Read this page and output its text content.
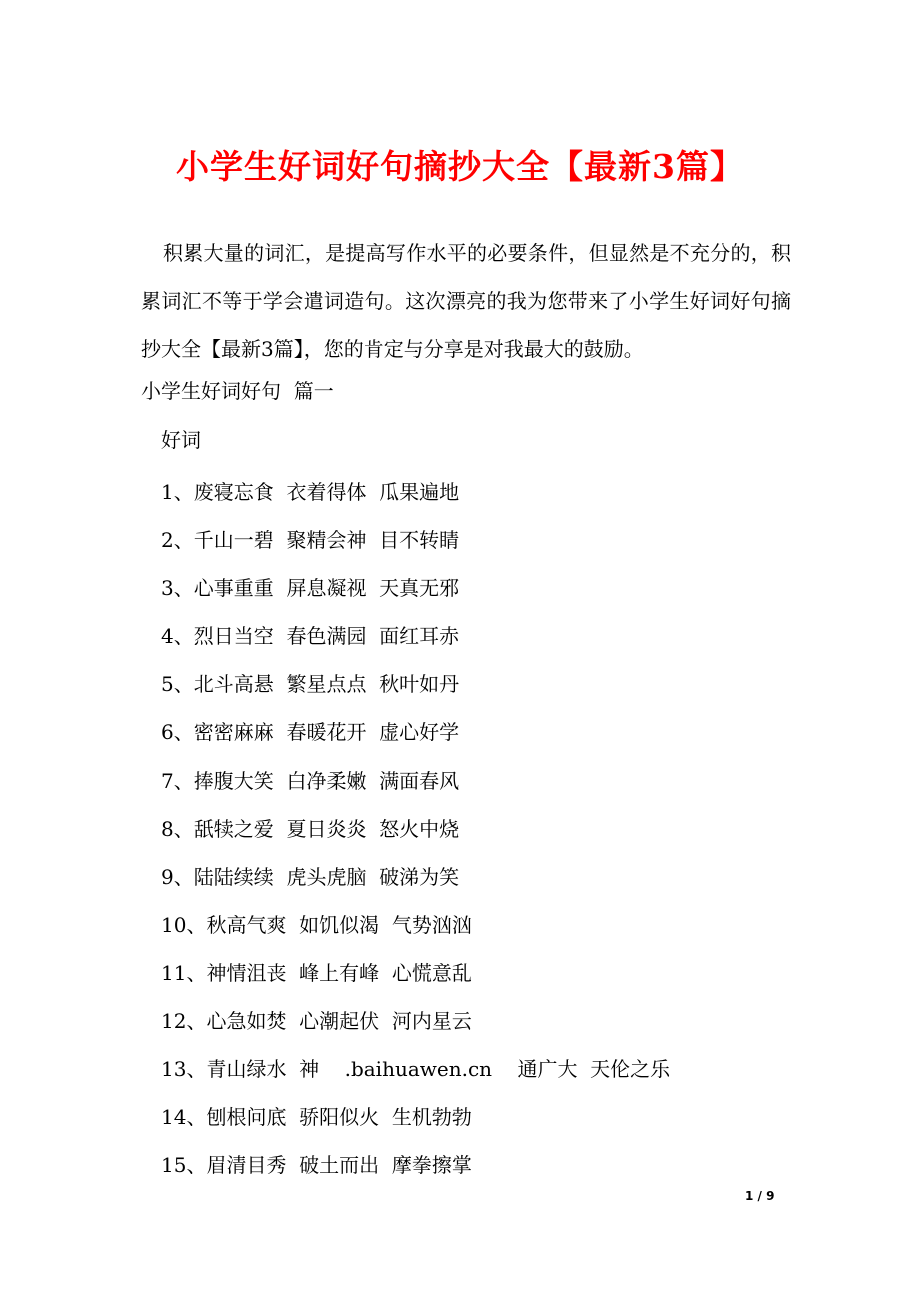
小学生好词好句摘抄大全【最新3篇】
积累大量的词汇，是提高写作水平的必要条件，但显然是不充分的，积累词汇不等于学会遣词造句。这次漂亮的我为您带来了小学生好词好句摘抄大全【最新3篇】，您的肯定与分享是对我最大的鼓励。
小学生好词好句  篇一
好词
1、废寝忘食  衣着得体  瓜果遍地
2、千山一碧  聚精会神  目不转睛
3、心事重重  屏息凝视  天真无邪
4、烈日当空  春色满园  面红耳赤
5、北斗高悬  繁星点点  秋叶如丹
6、密密麻麻  春暖花开  虚心好学
7、捧腹大笑  白净柔嫩  满面春风
8、舐犊之爱  夏日炎炎  怒火中烧
9、陆陆续续  虎头虎脑  破涕为笑
10、秋高气爽  如饥似渴  气势汹汹
11、神情沮丧  峰上有峰  心慌意乱
12、心急如焚  心潮起伏  河内星云
13、青山绿水  神    .baihuawen.cn    通广大  天伦之乐
14、刨根问底  骄阳似火  生机勃勃
15、眉清目秀  破土而出  摩拳擦掌
1 / 9
